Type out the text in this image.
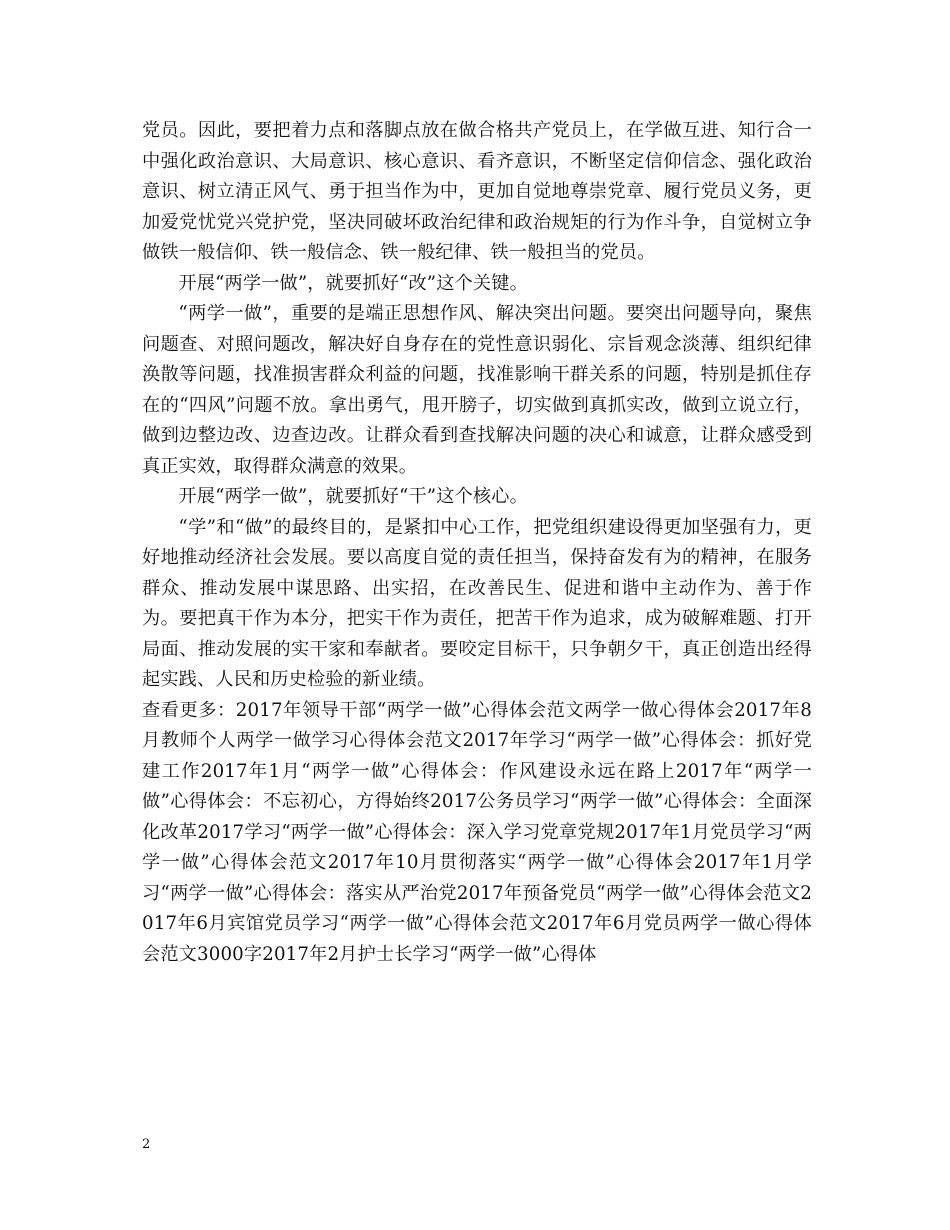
党员。因此，要把着力点和落脚点放在做合格共产党员上，在学做互进、知行合一中强化政治意识、大局意识、核心意识、看齐意识，不断坚定信仰信念、强化政治意识、树立清正风气、勇于担当作为中，更加自觉地尊崇党章、履行党员义务，更加爱党忧党兴党护党，坚决同破坏政治纪律和政治规矩的行为作斗争，自觉树立争做铁一般信仰、铁一般信念、铁一般纪律、铁一般担当的党员。

开展“两学一做”，就要抓好“改”这个关键。

“两学一做”，重要的是端正思想作风、解决突出问题。要突出问题导向，聚焦问题查、对照问题改，解决好自身存在的党性意识弱化、宗旨观念淡薄、组织纪律涣散等问题，找准损害群众利益的问题，找准影响干群关系的问题，特别是抓住存在的“四风”问题不放。拿出勇气，甩开膀子，切实做到真抓实改，做到立说立行，做到边整边改、边查边改。让群众看到查找解决问题的决心和诚意，让群众感受到真正实效，取得群众满意的效果。

开展“两学一做”，就要抓好“干”这个核心。

“学”和“做”的最终目的，是紧扣中心工作，把党组织建设得更加坚强有力，更好地推动经济社会发展。要以高度自觉的责任担当，保持奋发有为的精神，在服务群众、推动发展中谋思路、出实招，在改善民生、促进和谐中主动作为、善于作为。要把真干作为本分，把实干作为责任，把苦干作为追求，成为破解难题、打开局面、推动发展的实干家和奉献者。要咬定目标干，只争朝夕干，真正创造出经得起实践、人民和历史检验的新业绩。

查看更多：2017年领导干部“两学一做”心得体会范文两学一做心得体会2017年8月教师个人两学一做学习心得体会范文2017年学习“两学一做”心得体会：抓好党建工作2017年1月“两学一做”心得体会：作风建设永远在路上2017年“两学一做”心得体会：不忘初心，方得始终2017公务员学习“两学一做”心得体会：全面深化改革2017学习“两学一做”心得体会：深入学习党章党规2017年1月党员学习“两学一做”心得体会范文2017年10月贯彻落实“两学一做”心得体会2017年1月学习“两学一做”心得体会：落实从严治党2017年预备党员“两学一做”心得体会范文2017年6月宾馆党员学习“两学一做”心得体会范文2017年6月党员两学一做心得体会范文3000字2017年2月护士长学习“两学一做”心得体

2
